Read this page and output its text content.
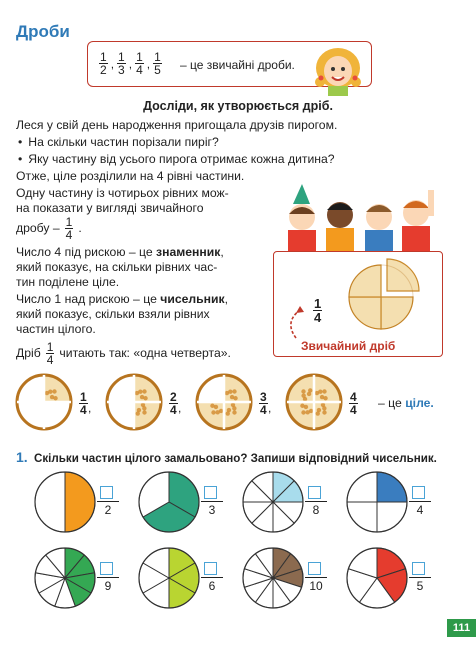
Дроби
$\frac{1}{2}$ , $\frac{1}{3}$ , $\frac{1}{4}$ , $\frac{1}{5}$ – це звичайні дроби.
Досліди, як утворюється дріб.
Леся у свій день народження пригощала друзів пирогом.
• На скільки частин порізали пиріг?
• Яку частину від усього пирога отримає кожна дитина?
Отже, ціле розділили на 4 рівні частини.
Одну частину із чотирьох рівних мож-
на показати у вигляді звичайного
дробу – $\frac{1}{4}$ .
Число 4 під рискою – це знаменник,
який показує, на скільки рівних час-
тин поділене ціле.
Число 1 над рискою – це чисельник,
який показує, скільки взяли рівних
частин цілого.
Дріб $\frac{1}{4}$ читають так: «одна четверта».
$\frac{1}{4}$
Звичайний дріб
$\frac{1}{4}$ ,	$\frac{2}{4}$ ,	$\frac{3}{4}$ ,	$\frac{4}{4}$ – це ціле.
1. Скільки частин цілого замальовано? Запиши відповідний чисельник.
2	3	8	4
9	6	10	5
111
